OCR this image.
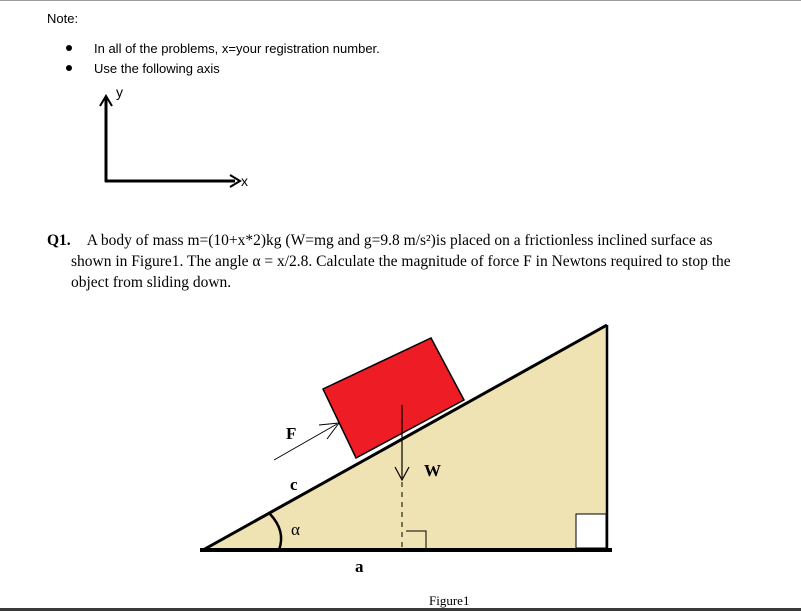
Note:
In all of the problems, x=your registration number.
Use the following axis
y
x
Q1. A body of mass m=(10+x*2)kg (W=mg and g=9.8 m/s²)is placed on a frictionless inclined surface as
shown in Figure1. The angle α = x/2.8. Calculate the magnitude of force F in Newtons required to stop the
object from sliding down.
F
c
α
W
a
Figure1
